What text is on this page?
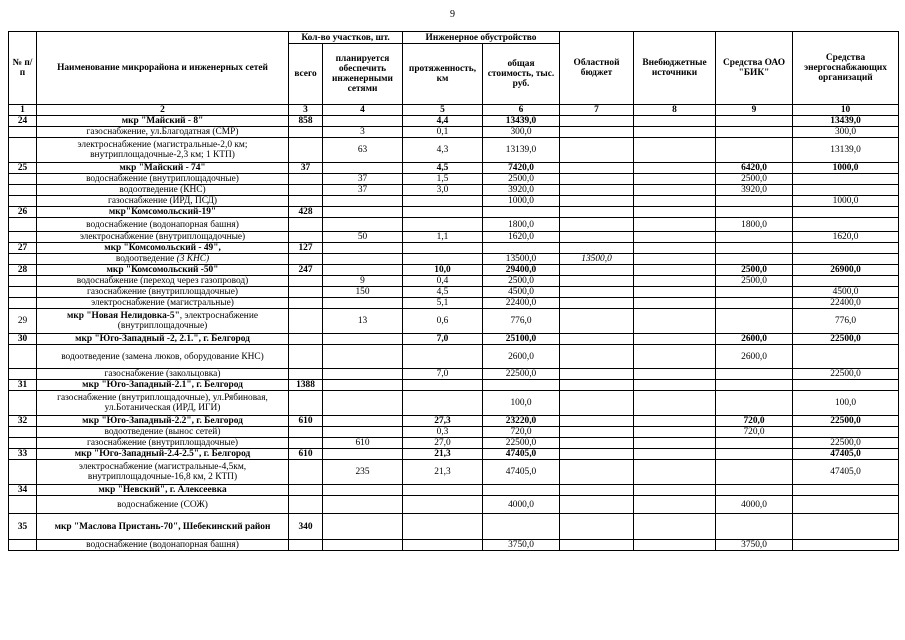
9
№ п/п	Наименование микрорайона и инженерных сетей	Кол-во участков, шт.		Инженерное обустройство		Областной бюджет	Внебюджетные источники	Средства ОАО "БИК"	Средства энергоснабжающих организаций
		всего	планируется обеспечить инженерными сетями	протяженность, км	общая стоимость, тыс. руб.				
1	2	3	4	5	6	7	8	9	10
24	мкр "Майский - 8"	858		4,4	13439,0				13439,0
	газоснабжение, ул.Благодатная (СМР)		3	0,1	300,0				300,0
	электроснабжение (магистральные-2,0 км; внутриплощадочные-2,3 км; 1 КТП)		63	4,3	13139,0				13139,0
25	мкр "Майский - 74"	37		4,5	7420,0			6420,0	1000,0
	водоснабжение (внутриплощадочные)		37	1,5	2500,0			2500,0	
	водоотведение (КНС)		37	3,0	3920,0			3920,0	
	газоснабжение (ИРД, ПСД)				1000,0				1000,0
26	мкр"Комсомольский-19"	428							
	водоснабжение (водонапорная башня)				1800,0			1800,0	
	электроснабжение (внутриплощадочные)		50	1,1	1620,0				1620,0
27	мкр "Комсомольский - 49",	127							
	водоотведение (3 КНС)				13500,0	13500,0			
28	мкр "Комсомольский -50"	247		10,0	29400,0			2500,0	26900,0
	водоснабжение (переход через газопровод)		9	0,4	2500,0			2500,0	
	газоснабжение (внутриплощадочные)		150	4,5	4500,0				4500,0
	электроснабжение (магистральные)			5,1	22400,0				22400,0
29	мкр "Новая Нелидовка-5", электроснабжение (внутриплощадочные)		13	0,6	776,0				776,0
30	мкр "Юго-Западный -2, 2.1.", г. Белгород			7,0	25100,0			2600,0	22500,0
	водоотведение (замена люков, оборудование КНС)				2600,0			2600,0	
	газоснабжение (закольцовка)			7,0	22500,0				22500,0
31	мкр "Юго-Западный-2.1", г. Белгород	1388							
	газоснабжение (внутриплощадочные), ул.Рябиновая, ул.Ботаническая (ИРД, ИГИ)				100,0				100,0
32	мкр "Юго-Западный-2.2", г. Белгород	610		27,3	23220,0			720,0	22500,0
	водоотведение (вынос сетей)			0,3	720,0			720,0	
	газоснабжение (внутриплощадочные)		610	27,0	22500,0				22500,0
33	мкр "Юго-Западный-2.4-2.5", г. Белгород	610		21,3	47405,0				47405,0
	электроснабжение (магистральные-4,5км, внутриплощадочные-16,8 км, 2 КТП)		235	21,3	47405,0				47405,0
34	мкр "Невский", г. Алексеевка								
	водоснабжение (СОЖ)				4000,0			4000,0	
35	мкр "Маслова Пристань-70", Шебекинский район	340							
	водоснабжение (водонапорная башня)				3750,0			3750,0	
